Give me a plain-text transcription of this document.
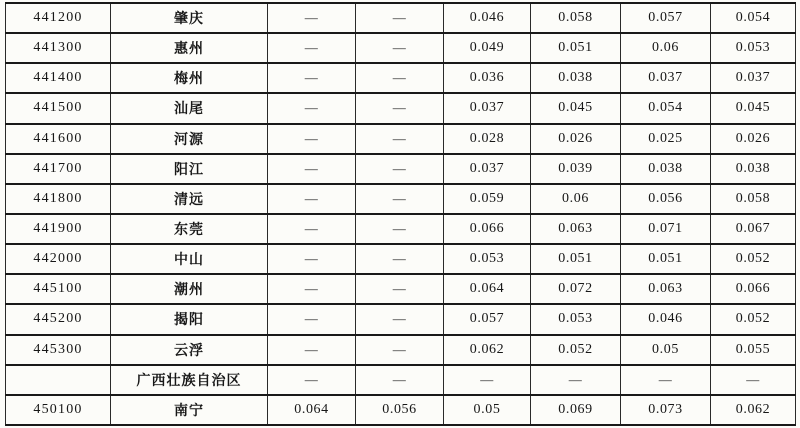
441200	肇庆	—	—	0.046	0.058	0.057	0.054
441300	惠州	—	—	0.049	0.051	0.06	0.053
441400	梅州	—	—	0.036	0.038	0.037	0.037
441500	汕尾	—	—	0.037	0.045	0.054	0.045
441600	河源	—	—	0.028	0.026	0.025	0.026
441700	阳江	—	—	0.037	0.039	0.038	0.038
441800	清远	—	—	0.059	0.06	0.056	0.058
441900	东莞	—	—	0.066	0.063	0.071	0.067
442000	中山	—	—	0.053	0.051	0.051	0.052
445100	潮州	—	—	0.064	0.072	0.063	0.066
445200	揭阳	—	—	0.057	0.053	0.046	0.052
445300	云浮	—	—	0.062	0.052	0.05	0.055
	广西壮族自治区	—	—	—	—	—	—
450100	南宁	0.064	0.056	0.05	0.069	0.073	0.062
